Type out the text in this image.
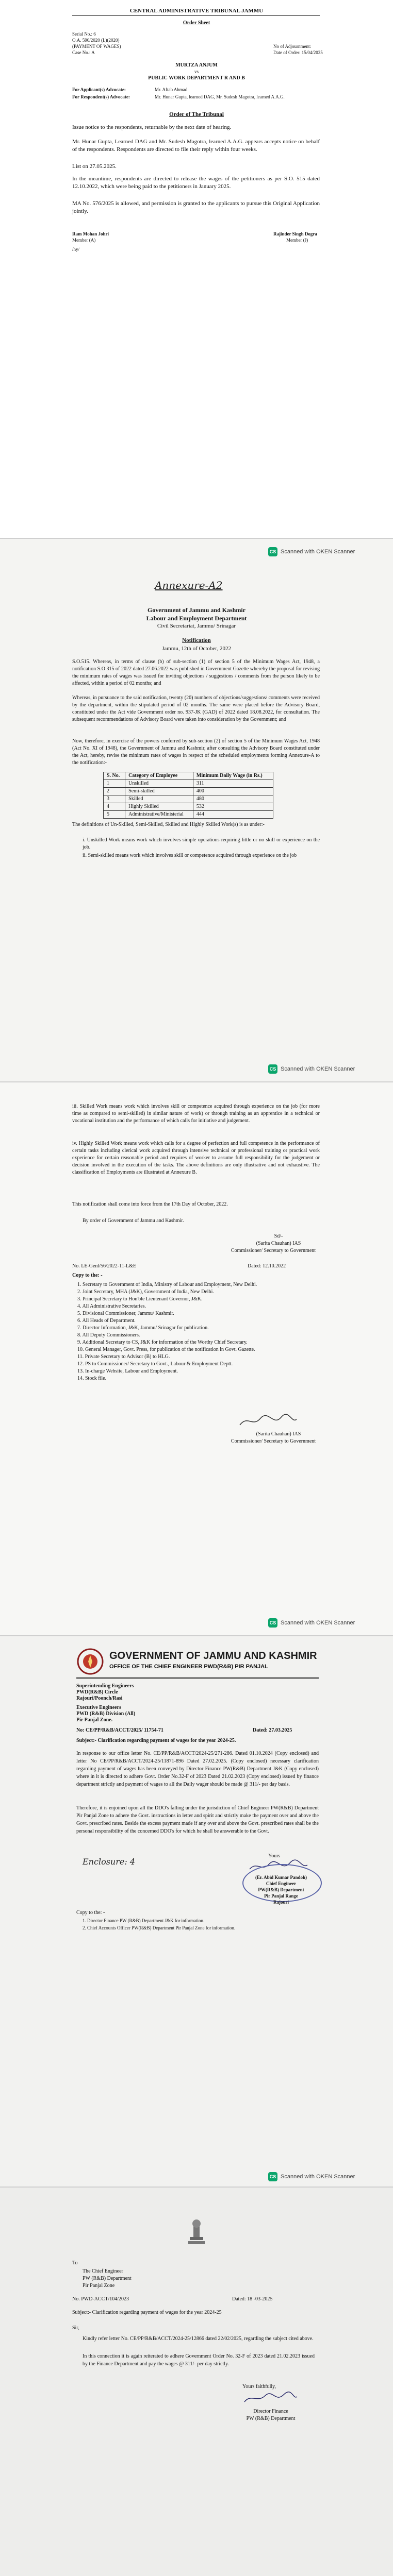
CENTRAL ADMINISTRATIVE TRIBUNAL JAMMU
Order Sheet
Serial No.: 6
O.A. 590/2020 (L)(2020)
(PAYMENT OF WAGES)
Case No.: A
No of Adjournment:
Date of Order: 15/04/2025
MURTZA ANJUM
vs
PUBLIC WORK DEPARTMENT R AND B
For Applicant(s) Advocate:	Mr. Aftab Ahmad
For Respondent(s) Advocate:	Mr. Hunar Gupta, learned DAG, Mr. Sudesh Magotra, learned A.A.G.
Order of The Tribunal
Issue notice to the respondents, returnable by the next date of hearing.
Mr. Hunar Gupta, Learned DAG and Mr. Sudesh Magotra, learned A.A.G. appears accepts notice on behalf of the respondents. Respondents are directed to file their reply within four weeks.
List on 27.05.2025.
In the meantime, respondents are directed to release the wages of the petitioners as per S.O. 515 dated 12.10.2022, which were being paid to the petitioners in January 2025.
MA No. 576/2025 is allowed, and permission is granted to the applicants to pursue this Original Application jointly.
Ram Mohan Johri
Member (A)
Rajinder Singh Dogra
Member (J)
/hy/
CS Scanned with OKEN Scanner
Annexure-A2
Government of Jammu and Kashmir
Labour and Employment Department
Civil Secretariat, Jammu/ Srinagar
Notification
Jammu, 12th of October, 2022
S.O.515. Whereas, in terms of clause (b) of sub-section (1) of section 5 of the Minimum Wages Act, 1948, a notification S.O 315 of 2022 dated 27.06.2022 was published in Government Gazette whereby the proposal for revising the minimum rates of wages was issued for inviting objections / suggestions / comments from the person likely to be affected, within a period of 02 months; and
Whereas, in pursuance to the said notification, twenty (20) numbers of objections/suggestions/ comments were received by the department, within the stipulated period of 02 months. The same were placed before the Advisory Board, constituted under the Act vide Government order no. 937-JK (GAD) of 2022 dated 18.08.2022, for consultation. The subsequent recommendations of Advisory Board were taken into consideration by the Government; and
Now, therefore, in exercise of the powers conferred by sub-section (2) of section 5 of the Minimum Wages Act, 1948 (Act No. XI of 1948), the Government of Jammu and Kashmir, after consulting the Advisory Board constituted under the Act, hereby, revise the minimum rates of wages in respect of the scheduled employments forming Annexure-A to the notification:-
S. No.	Category of Employee	Minimum Daily Wage (in Rs.)
1	Unskilled	311
2	Semi-skilled	400
3	Skilled	480
4	Highly Skilled	532
5	Administrative/Ministerial	444
The definitions of Un-Skilled, Semi-Skilled, Skilled and Highly Skilled Work(s) is as under:-
i. Unskilled Work means work which involves simple operations requiring little or no skill or experience on the job.
ii. Semi-skilled means work which involves skill or competence acquired through experience on the job
CS Scanned with OKEN Scanner
iii. Skilled Work means work which involves skill or competence acquired through experience on the job (for more time as compared to semi-skilled) in similar nature of work) or through training as an apprentice in a technical or vocational institution and the performance of which calls for initiative and judgement.
iv. Highly Skilled Work means work which calls for a degree of perfection and full competence in the performance of certain tasks including clerical work acquired through intensive technical or professional training or practical work experience for certain reasonable period and requires of worker to assume full responsibility for the judgement or decision involved in the execution of the tasks. The above definitions are only illustrative and not exhaustive. The classification of Employments are illustrated at Annexure B.
This notification shall come into force from the 17th Day of October, 2022.
By order of Government of Jammu and Kashmir.
Sd/-
(Sarita Chauhan) IAS
Commissioner/ Secretary to Government
No. LE-Genl/56/2022-11-L&E	Dated: 12.10.2022
Copy to the: -
1. Secretary to Government of India, Ministry of Labour and Employment, New Delhi.
2. Joint Secretary, MHA (J&K), Government of India, New Delhi.
3. Principal Secretary to Hon'ble Lieutenant Governor, J&K.
4. All Administrative Secretaries.
5. Divisional Commissioner, Jammu/ Kashmir.
6. All Heads of Department.
7. Director Information, J&K, Jammu/ Srinagar for publication.
8. All Deputy Commissioners.
9. Additional Secretary to CS, J&K for information of the Worthy Chief Secretary.
10. General Manager, Govt. Press, for publication of the notification in Govt. Gazette.
11. Private Secretary to Advisor (B) to HLG.
12. PS to Commissioner/ Secretary to Govt., Labour & Employment Deptt.
13. In-charge Website, Labour and Employment.
14. Stock file.
(Sarita Chauhan) IAS
Commissioner/ Secretary to Government
CS Scanned with OKEN Scanner
GOVERNMENT OF JAMMU AND KASHMIR
OFFICE OF THE CHIEF ENGINEER PWD(R&B) PIR PANJAL
Superintending Engineers
PWD(R&B) Circle
Rajouri/Poonch/Rasi
Executive Engineers
PWD (R&B) Division (All)
Pir Panjal Zone.
No: CE/PP/R&B/ACCT/2025/ 11754-71	Dated: 27.03.2025
Subject:- Clarification regarding payment of wages for the year 2024-25.
In response to our office letter No. CE/PP/R&B/ACCT/2024-25/271-286. Dated 01.10.2024 (Copy enclosed) and letter No CE/PP/R&B/ACCT/2024-25/11871-896 Dated 27.02.2025. (Copy enclosed) necessary clarification regarding payment of wages has been conveyed by Director Finance PW(R&B) Department J&K (Copy enclosed) where in it is directed to adhere Govt. Order No.32-F of 2023 Dated 21.02.2023 (Copy enclosed) issued by finance department strictly and payment of wages to all the Daily wager should be made @ 311/- per day basis.
Therefore, it is enjoined upon all the DDO's falling under the jurisdiction of Chief Engineer PW(R&B) Department Pir Panjal Zone to adhere the Govt. instructions in letter and spirit and strictly make the payment over and above the Govt. prescribed rates. Beside the excess payment made if any over and above the Govt. prescribed rates shall be the personal responsibility of the concerned DDO's for which he shall be answerable to the Govt.
Enclosure: 4
Yours
(Er. Abid Kumar Pandoh)
Chief Engineer
PW(R&B) Department
Pir Panjal Range
Rajouri
Copy to the: -
1. Director Finance PW (R&B) Department J&K for information.
2. Chief Accounts Officer PW(R&B) Department Pir Panjal Zone for information.
CS Scanned with OKEN Scanner
To
The Chief Engineer
PW (R&B) Department
Pir Panjal Zone
No. PWD-ACCT/104/2023	Dated: 18 -03-2025
Subject:- Clarification regarding payment of wages for the year 2024-25
Sir,
Kindly refer letter No. CE/PP/R&B/ACCT/2024-25/12866 dated 22/02/2025, regarding the subject cited above.
In this connection it is again reiterated to adhere Government Order No. 32-F of 2023 dated 21.02.2023 issued by the Finance Department and pay the wages @ 311/- per day strictly.
Yours faithfully,
Director Finance
PW (R&B) Department
